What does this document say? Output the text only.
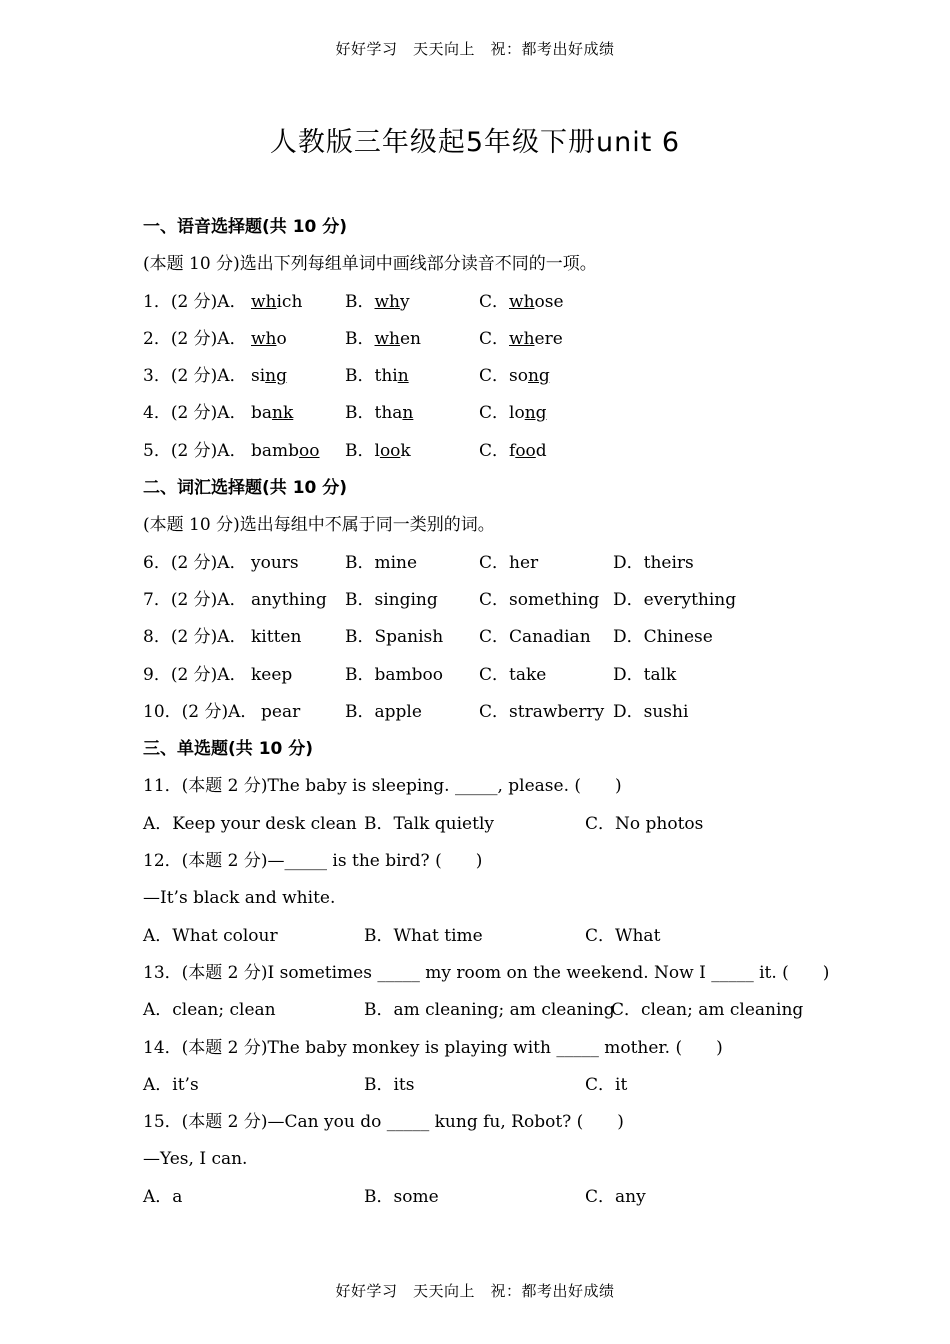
好好学习　天天向上　祝：都考出好成绩
人教版三年级起5年级下册unit 6
一、语音选择题(共 10 分)
(本题 10 分)选出下列每组单词中画线部分读音不同的一项。
1．(2 分)A． which	B．why	C．whose
2．(2 分)A． who	B．when	C．where
3．(2 分)A． sing	B．thin	C．song
4．(2 分)A． bank	B．than	C．long
5．(2 分)A． bamboo B．look	C．food
二、词汇选择题(共 10 分)
(本题 10 分)选出每组中不属于同一类别的词。
6．(2 分)A． yours	B．mine	C．her	D．theirs
7．(2 分)A． anything B．singing C．something D．everything
8．(2 分)A． kitten	B．Spanish C．Canadian D．Chinese
9．(2 分)A． keep	B．bamboo C．take	D．talk
10．(2 分)A． pear	B．apple	C．strawberry D．sushi
三、单选题(共 10 分)
11．(本题 2 分)The baby is sleeping. _____, please. (　　)
A．Keep your desk clean B．Talk quietly	C．No photos
12．(本题 2 分)—_____ is the bird? (　　)
—It’s black and white.
A．What colour	B．What time	C．What
13．(本题 2 分)I sometimes _____ my room on the weekend. Now I _____ it. (　　)
A．clean; clean	B．am cleaning; am cleaning
C．clean; am cleaning
14．(本题 2 分)The baby monkey is playing with _____ mother. (　　)
A．it’s	B．its	C．it
15．(本题 2 分)—Can you do _____ kung fu, Robot? (　　)
—Yes, I can.
A．a	B．some	C．any
好好学习　天天向上　祝：都考出好成绩
